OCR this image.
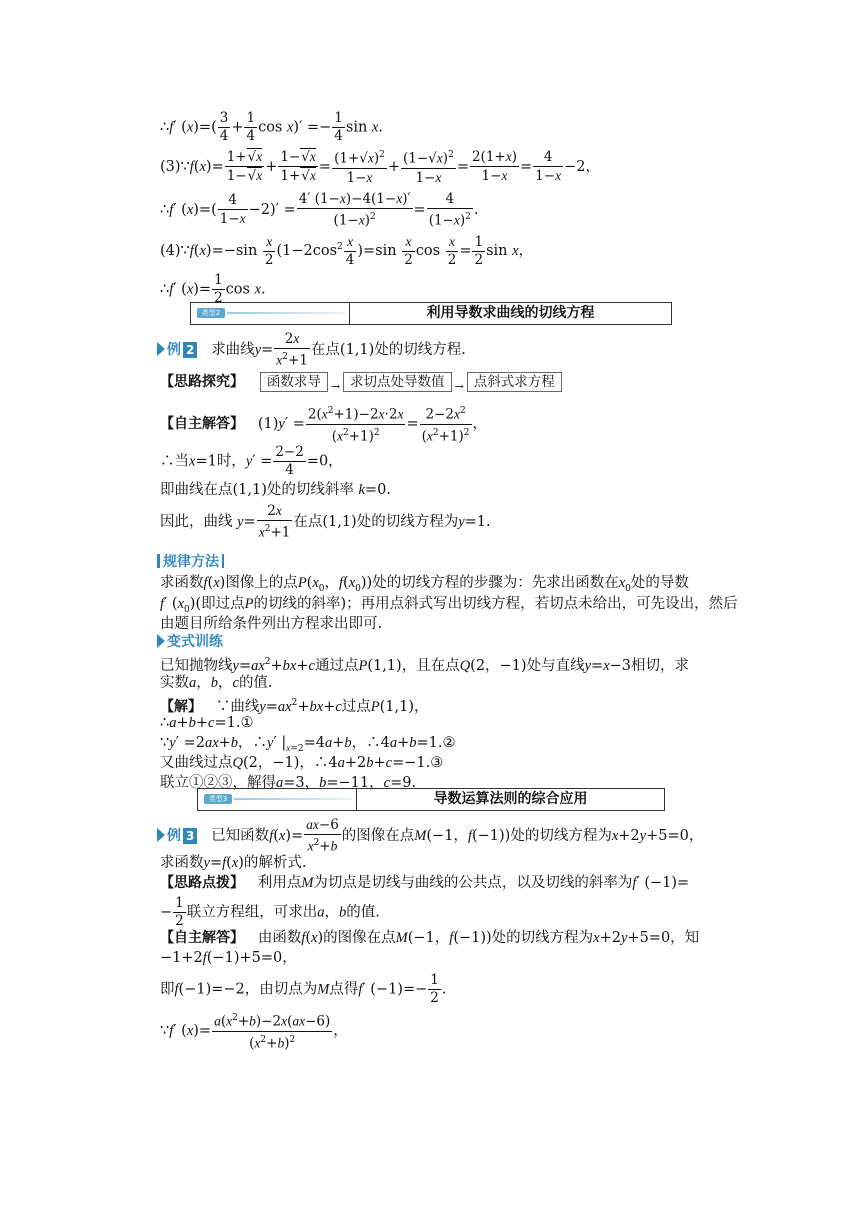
∴f′ $(x)=( \frac{3}{4} + \frac{1}{4}$ $\cos x)' =- \frac{1}{4}$ sin x.
(3)∵f(x)= $\frac{1+√x}{1-√x} + \frac{1-√x}{1+√x} = \frac{(1+√x)^2}{1-x} + \frac{(1-√x)^2}{1-x} = \frac{2(1+x)}{1-x} = \frac{4}{1-x} -2$，
∴f′ $(x)=( \frac{4}{1-x} -2)' = \frac{4' (1-x)-4(1-x)'}{(1-x)^2} = \frac{4}{(1-x)^2}$ .
(4)∵f(x)=−sin $\frac{x}{2} (1-2\cos^2 \frac{x}{4} )=\sin \frac{x}{2}$ $\cos \frac{x}{2} = \frac{1}{2}$ sin x，
∴f′ $(x)= \frac{1}{2}$ cos x.
类型2	利用导数求曲线的切线方程
例 2 求曲线$y= \frac{2x}{x^2+1}$ 在点(1,1)处的切线方程.
【思路探究】 函数求导 → 求切点处导数值 → 点斜式求方程
【自主解答】   $(1)y' = \frac{2(x^2+1)-2x\cdot 2x}{(x^2+1)^2} = \frac{2-2x^2}{(x^2+1)^2}$ ，
∴当x=1时，$y' = \frac{2-2}{4} =0$，
即曲线在点(1,1)处的切线斜率 k=0.
因此，曲线 $y= \frac{2x}{x^2+1}$ 在点(1,1)处的切线方程为y=1.
规律方法
求函数f(x)图像上的点$P(x_0$，$f(x_0)$)处的切线方程的步骤为：先求出函数在$x_0$处的导数
f′ $(x_0)$(即过点P的切线的斜率)；再用点斜式写出切线方程，若切点未给出，可先设出，然后
由题目所给条件列出方程求出即可.
变式训练
已知抛物线$y=ax^2+bx+c$通过点P(1,1)，且在点Q(2，−1)处与直线y=x−3相切，求
实数a，b，c的值.
【解】 ∵曲线$y=ax^2+bx+c$过点P(1,1)，
∴a+b+c=1.①
∵y′ =2ax+b，∴y′ $|_{x=2}=4a+b$，∴4a+b=1.②
又曲线过点Q(2，−1)，∴4a+2b+c=−1.③
联立①②③，解得a=3，b=−11，c=9.
类型3	导数运算法则的综合应用
例 3 已知函数$f(x)= \frac{ax-6}{x^2+b}$ 的图像在点M(−1，f(−1))处的切线方程为x+2y+5=0，
求函数y=f(x)的解析式.
【思路点拨】 利用点M为切点是切线与曲线的公共点，以及切线的斜率为f′ (−1)=
− $\frac{1}{2}$ 联立方程组，可求出a，b的值.
【自主解答】 由函数f(x)的图像在点M(−1，f(−1))处的切线方程为x+2y+5=0，知
−1+2f(−1)+5=0，
即f(−1)=−2，由切点为M点得f′ $(-1)=- \frac{1}{2}$ .
∵f′ $(x)= \frac{a(x^2+b)-2x(ax-6)}{(x^2+b)^2}$ ，
